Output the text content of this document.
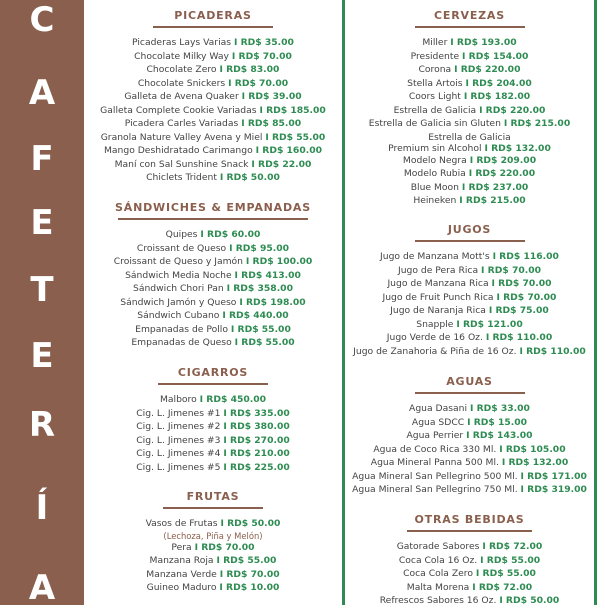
C
A
F
E
T
E
R
Í
A
PICADERAS
Picaderas Lays Varias I RD$ 35.00
Chocolate Milky Way I RD$ 70.00
Chocolate Zero I RD$ 83.00
Chocolate Snickers I RD$ 70.00
Galleta de Avena Quaker I RD$ 39.00
Galleta Complete Cookie Variadas I RD$ 185.00
Picadera Carles Variadas I RD$ 85.00
Granola Nature Valley Avena y Miel I RD$ 55.00
Mango Deshidratado Carimango I RD$ 160.00
Maní con Sal Sunshine Snack I RD$ 22.00
Chiclets Trident I RD$ 50.00
SÁNDWICHES & EMPANADAS
Quipes I RD$ 60.00
Croissant de Queso I RD$ 95.00
Croissant de Queso y Jamón I RD$ 100.00
Sándwich Media Noche I RD$ 413.00
Sándwich Chori Pan I RD$ 358.00
Sándwich Jamón y Queso I RD$ 198.00
Sándwich Cubano I RD$ 440.00
Empanadas de Pollo I RD$ 55.00
Empanadas de Queso I RD$ 55.00
CIGARROS
Malboro I RD$ 450.00
Cig. L. Jimenes #1 I RD$ 335.00
Cig. L. Jimenes #2 I RD$ 380.00
Cig. L. Jimenes #3 I RD$ 270.00
Cig. L. Jimenes #4 I RD$ 210.00
Cig. L. Jimenes #5 I RD$ 225.00
FRUTAS
Vasos de Frutas I RD$ 50.00
(Lechoza, Piña y Melón)
Pera I RD$ 70.00
Manzana Roja I RD$ 55.00
Manzana Verde I RD$ 70.00
Guineo Maduro I RD$ 10.00
CERVEZAS
Miller I RD$ 193.00
Presidente I RD$ 154.00
Corona I RD$ 220.00
Stella Artois I RD$ 204.00
Coors Light I RD$ 182.00
Estrella de Galicia I RD$ 220.00
Estrella de Galicia sin Gluten I RD$ 215.00
Estrella de Galicia
Premium sin Alcohol I RD$ 132.00
Modelo Negra I RD$ 209.00
Modelo Rubia I RD$ 220.00
Blue Moon I RD$ 237.00
Heineken I RD$ 215.00
JUGOS
Jugo de Manzana Mott's I RD$ 116.00
Jugo de Pera Rica I RD$ 70.00
Jugo de Manzana Rica I RD$ 70.00
Jugo de Fruit Punch Rica I RD$ 70.00
Jugo de Naranja Rica I RD$ 75.00
Snapple I RD$ 121.00
Jugo Verde de 16 Oz. I RD$ 110.00
Jugo de Zanahoria & Piña de 16 Oz. I RD$ 110.00
AGUAS
Agua Dasani I RD$ 33.00
Agua SDCC I RD$ 15.00
Agua Perrier I RD$ 143.00
Agua de Coco Rica 330 Ml. I RD$ 105.00
Agua Mineral Panna 500 Ml. I RD$ 132.00
Agua Mineral San Pellegrino 500 Ml. I RD$ 171.00
Agua Mineral San Pellegrino 750 Ml. I RD$ 319.00
OTRAS BEBIDAS
Gatorade Sabores I RD$ 72.00
Coca Cola 16 Oz. I RD$ 55.00
Coca Cola Zero I RD$ 55.00
Malta Morena I RD$ 72.00
Refrescos Sabores 16 Oz. I RD$ 50.00
